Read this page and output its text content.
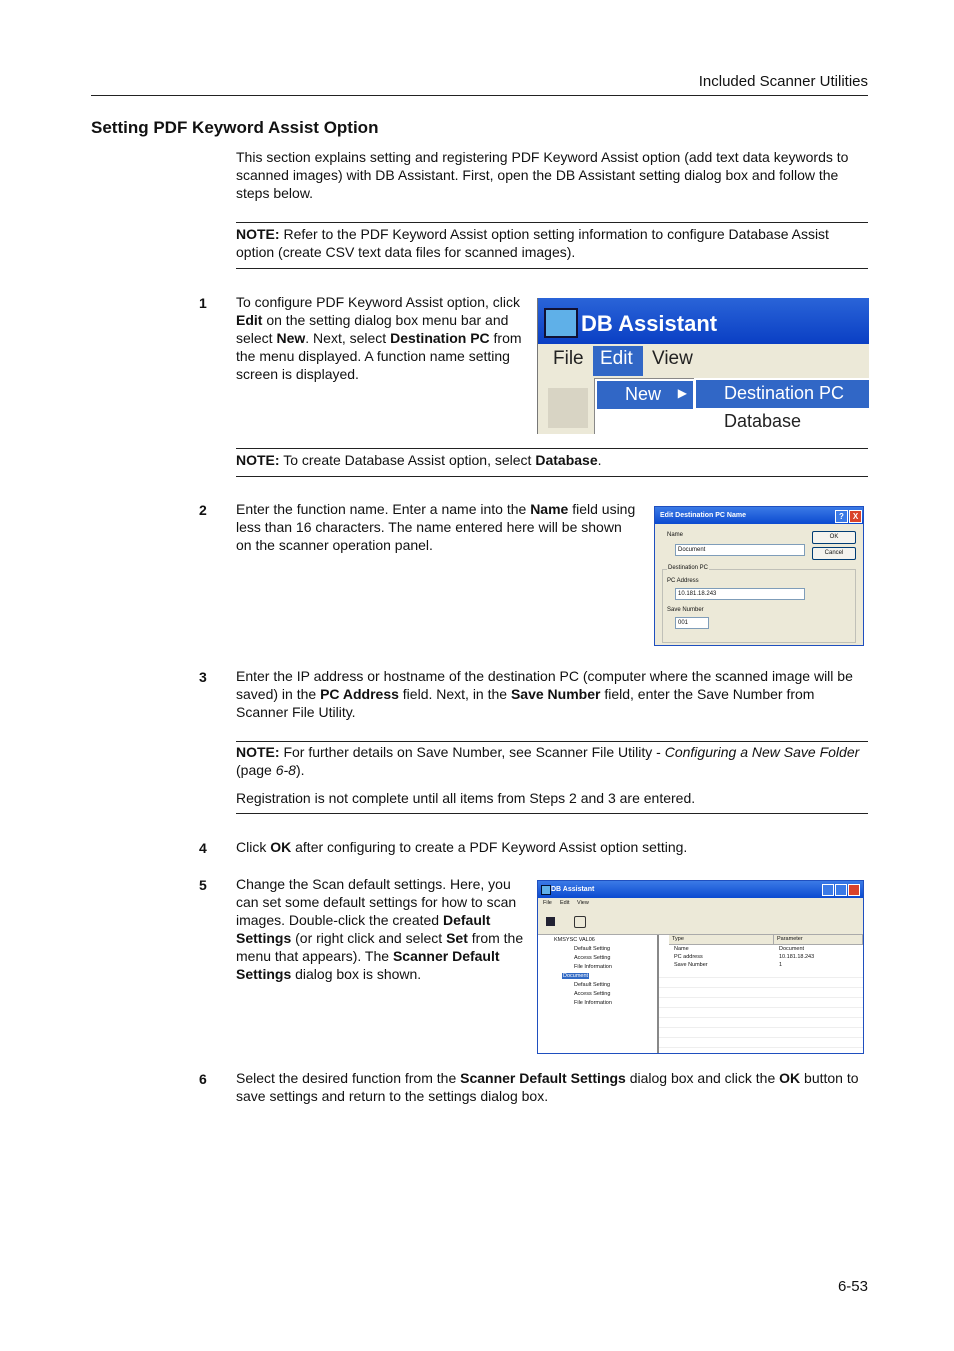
Included Scanner Utilities
Setting PDF Keyword Assist Option
This section explains setting and registering PDF Keyword Assist option (add text data keywords to scanned images) with DB Assistant. First, open the DB Assistant setting dialog box and follow the steps below.
NOTE: Refer to the PDF Keyword Assist option setting information to configure Database Assist option (create CSV text data files for scanned images).
1 To configure PDF Keyword Assist option, click Edit on the setting dialog box menu bar and select New. Next, select Destination PC from the menu displayed. A function name setting screen is displayed.
DB Assistant
File Edit View
New ▶ Destination PC
Database
NOTE: To create Database Assist option, select Database.
2 Enter the function name. Enter a name into the Name field using less than 16 characters. The name entered here will be shown on the scanner operation panel.
Edit Destination PC Name	?	X
Name
Document
OK
Cancel
Destination PC
PC Address
10.181.18.243
Save Number
001
3 Enter the IP address or hostname of the destination PC (computer where the scanned image will be saved) in the PC Address field. Next, in the Save Number field, enter the Save Number from Scanner File Utility.
NOTE: For further details on Save Number, see Scanner File Utility - Configuring a New Save Folder (page 6-8).
Registration is not complete until all items from Steps 2 and 3 are entered.
4 Click OK after configuring to create a PDF Keyword Assist option setting.
5 Change the Scan default settings. Here, you can set some default settings for how to scan images. Double-click the created Default Settings (or right click and select Set from the menu that appears). The Scanner Default Settings dialog box is shown.
DB Assistant
File Edit View
KMSYSC VAL06
Default Setting
Access Setting
File Information
Document
Default Setting
Access Setting
File Information
Type	Parameter
Name	Document
PC address	10.181.18.243
Save Number	1
6 Select the desired function from the Scanner Default Settings dialog box and click the OK button to save settings and return to the settings dialog box.
6-53
